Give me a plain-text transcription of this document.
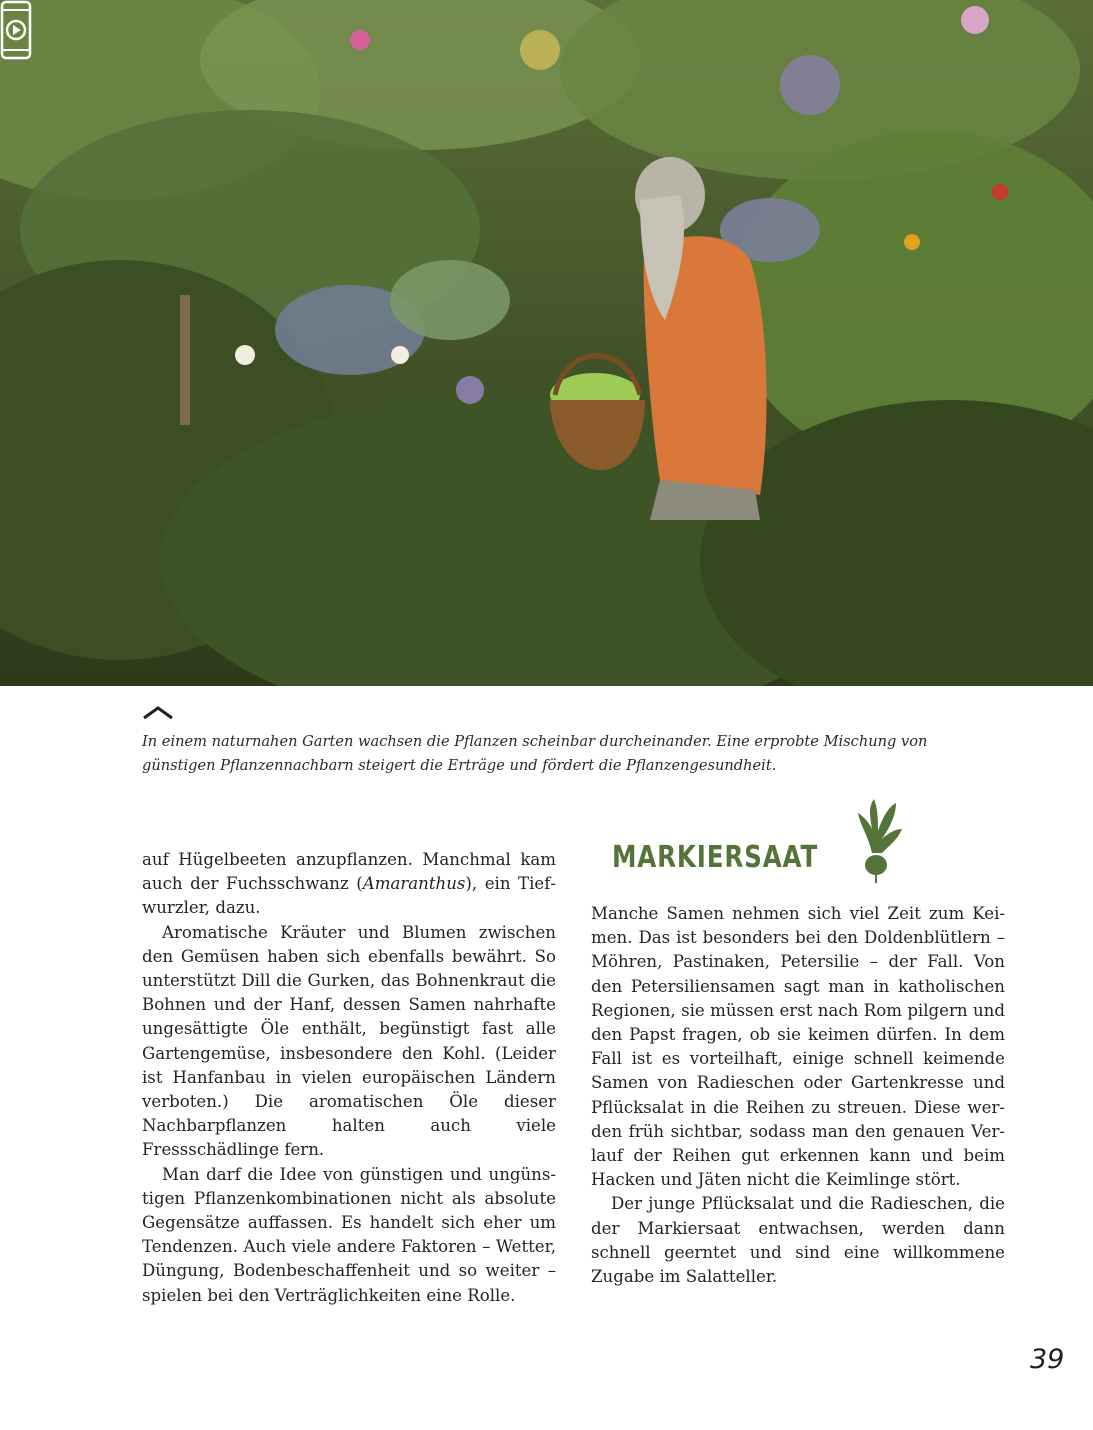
In einem naturnahen Garten wachsen die Pflanzen scheinbar durcheinander. Eine erprobte Mischung von günstigen Pflanzennachbarn steigert die Erträge und fördert die Pflanzengesundheit.

auf Hügelbeeten anzupflanzen. Manchmal kam auch der Fuchsschwanz (Amaranthus), ein Tiefwurzler, dazu.

Aromatische Kräuter und Blumen zwischen den Gemüsen haben sich ebenfalls bewährt. So unterstützt Dill die Gurken, das Bohnenkraut die Bohnen und der Hanf, dessen Samen nahrhafte ungesättigte Öle enthält, begünstigt fast alle Gartengemüse, insbesondere den Kohl. (Leider ist Hanfanbau in vielen europäischen Ländern verboten.) Die aromatischen Öle dieser Nachbarpflanzen halten auch viele Fressschädlinge fern.

Man darf die Idee von günstigen und ungünstigen Pflanzenkombinationen nicht als absolute Gegensätze auffassen. Es handelt sich eher um Tendenzen. Auch viele andere Faktoren – Wetter, Düngung, Bodenbeschaffenheit und so weiter – spielen bei den Verträglichkeiten eine Rolle.

MARKIERSAAT

Manche Samen nehmen sich viel Zeit zum Keimen. Das ist besonders bei den Doldenblütlern – Möhren, Pastinaken, Petersilie – der Fall. Von den Petersiliensamen sagt man in katholischen Regionen, sie müssen erst nach Rom pilgern und den Papst fragen, ob sie keimen dürfen. In dem Fall ist es vorteilhaft, einige schnell keimende Samen von Radieschen oder Gartenkresse und Pflücksalat in die Reihen zu streuen. Diese werden früh sichtbar, sodass man den genauen Verlauf der Reihen gut erkennen kann und beim Hacken und Jäten nicht die Keimlinge stört.

Der junge Pflücksalat und die Radieschen, die der Markiersaat entwachsen, werden dann schnell geerntet und sind eine willkommene Zugabe im Salatteller.

39
